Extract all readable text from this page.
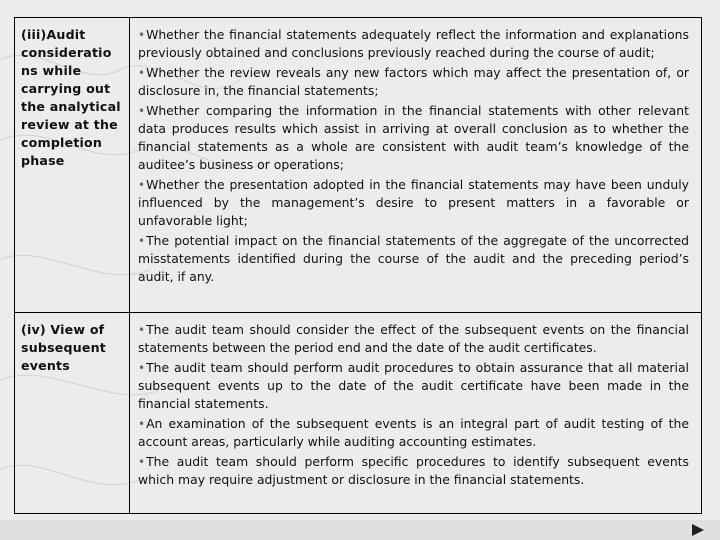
(iii)Audit consideratio ns while carrying out the analytical review at the completion phase
•Whether the financial statements adequately reflect the information and explanations previously obtained and conclusions previously reached during the course of audit;
•Whether the review reveals any new factors which may affect the presentation of, or disclosure in, the financial statements;
•Whether comparing the information in the financial statements with other relevant data produces results which assist in arriving at overall conclusion as to whether the financial statements as a whole are consistent with audit team’s knowledge of the auditee’s business or operations;
•Whether the presentation adopted in the financial statements may have been unduly influenced by the management’s desire to present matters in a favorable or unfavorable light;
•The potential impact on the financial statements of the aggregate of the uncorrected misstatements identified during the course of the audit and the preceding period’s audit, if any.
(iv) View of subsequent events
•The audit team should consider the effect of the subsequent events on the financial statements between the period end and the date of the audit certificates.
•The audit team should perform audit procedures to obtain assurance that all material subsequent events up to the date of the audit certificate have been made in the financial statements.
•An examination of the subsequent events is an integral part of audit testing of the account areas, particularly while auditing accounting estimates.
•The audit team should perform specific procedures to identify subsequent events which may require adjustment or disclosure in the financial statements.
